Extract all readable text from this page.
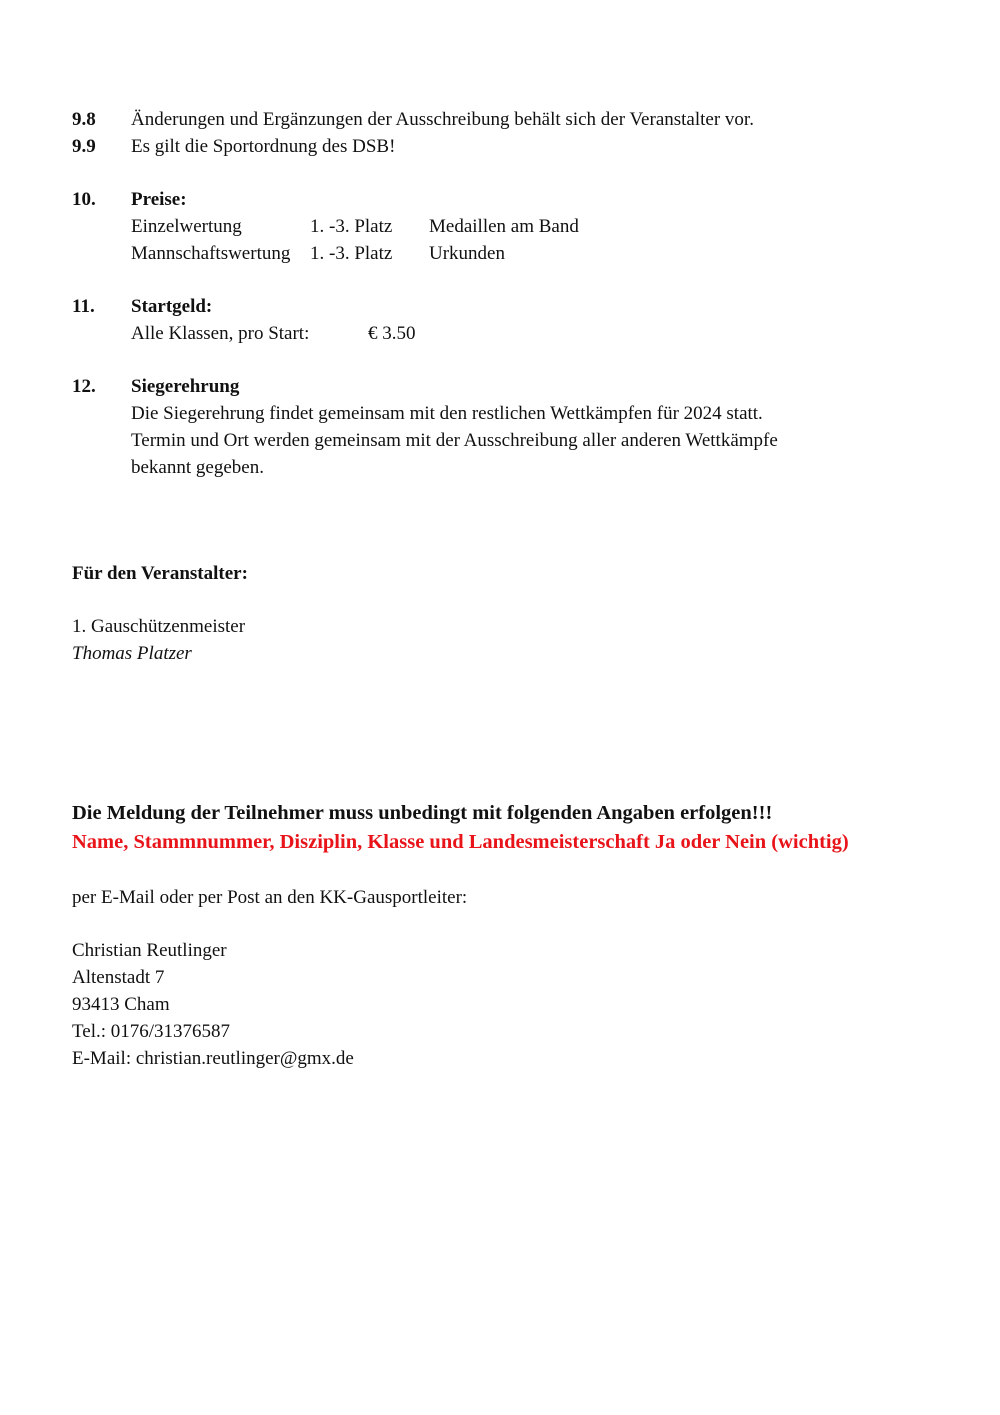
9.8 Änderungen und Ergänzungen der Ausschreibung behält sich der Veranstalter vor.
9.9 Es gilt die Sportordnung des DSB!
10. Preise:
Einzelwertung	1. -3. Platz Medaillen am Band
Mannschaftswertung 1. -3. Platz Urkunden
11. Startgeld:
Alle Klassen, pro Start:	€ 3.50
12. Siegerehrung
Die Siegerehrung findet gemeinsam mit den restlichen Wettkämpfen für 2024 statt.
Termin und Ort werden gemeinsam mit der Ausschreibung aller anderen Wettkämpfe
bekannt gegeben.
Für den Veranstalter:
1. Gauschützenmeister
Thomas Platzer
Die Meldung der Teilnehmer muss unbedingt mit folgenden Angaben erfolgen!!!
Name, Stammnummer, Disziplin, Klasse und Landesmeisterschaft Ja oder Nein (wichtig)
per E-Mail oder per Post an den KK-Gausportleiter:
Christian Reutlinger
Altenstadt 7
93413 Cham
Tel.: 0176/31376587
E-Mail: christian.reutlinger@gmx.de
